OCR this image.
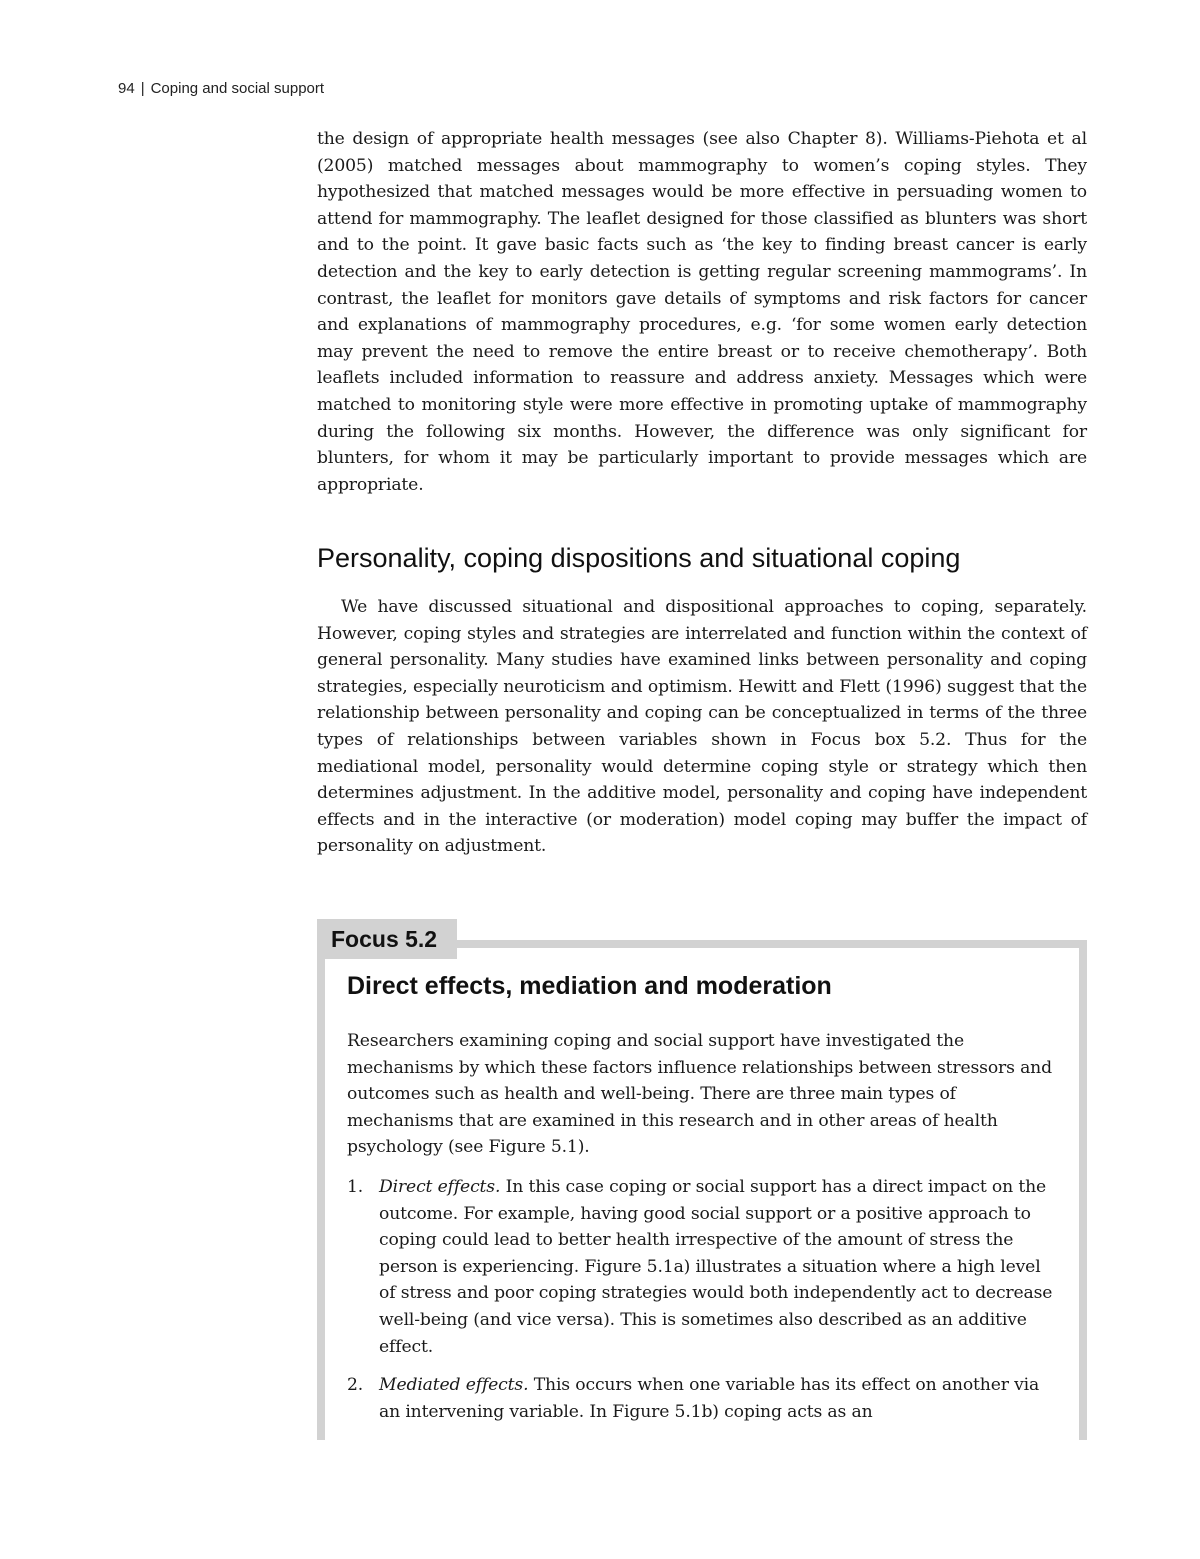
94 | Coping and social support

the design of appropriate health messages (see also Chapter 8). Williams-Piehota et al (2005) matched messages about mammography to women’s coping styles. They hypothesized that matched messages would be more effective in persuading women to attend for mammography. The leaflet designed for those classified as blunters was short and to the point. It gave basic facts such as ‘the key to finding breast cancer is early detection and the key to early detection is getting regular screening mammograms’. In contrast, the leaflet for monitors gave details of symptoms and risk factors for cancer and explanations of mammography procedures, e.g. ‘for some women early detection may prevent the need to remove the entire breast or to receive chemotherapy’. Both leaflets included information to reassure and address anxiety. Messages which were matched to monitoring style were more effective in promoting uptake of mammography during the following six months. However, the difference was only significant for blunters, for whom it may be particularly important to provide messages which are appropriate.

Personality, coping dispositions and situational coping

We have discussed situational and dispositional approaches to coping, separately. However, coping styles and strategies are interrelated and function within the context of general personality. Many studies have examined links between personality and coping strategies, especially neuroticism and optimism. Hewitt and Flett (1996) suggest that the relationship between personality and coping can be conceptualized in terms of the three types of relationships between variables shown in Focus box 5.2. Thus for the mediational model, personality would determine coping style or strategy which then determines adjustment. In the additive model, personality and coping have independent effects and in the interactive (or moderation) model coping may buffer the impact of personality on adjustment.

Focus 5.2
Direct effects, mediation and moderation

Researchers examining coping and social support have investigated the mechanisms by which these factors influence relationships between stressors and outcomes such as health and well-being. There are three main types of mechanisms that are examined in this research and in other areas of health psychology (see Figure 5.1).

1. Direct effects. In this case coping or social support has a direct impact on the outcome. For example, having good social support or a positive approach to coping could lead to better health irrespective of the amount of stress the person is experiencing. Figure 5.1a) illustrates a situation where a high level of stress and poor coping strategies would both independently act to decrease well-being (and vice versa). This is sometimes also described as an additive effect.
2. Mediated effects. This occurs when one variable has its effect on another via an intervening variable. In Figure 5.1b) coping acts as an
